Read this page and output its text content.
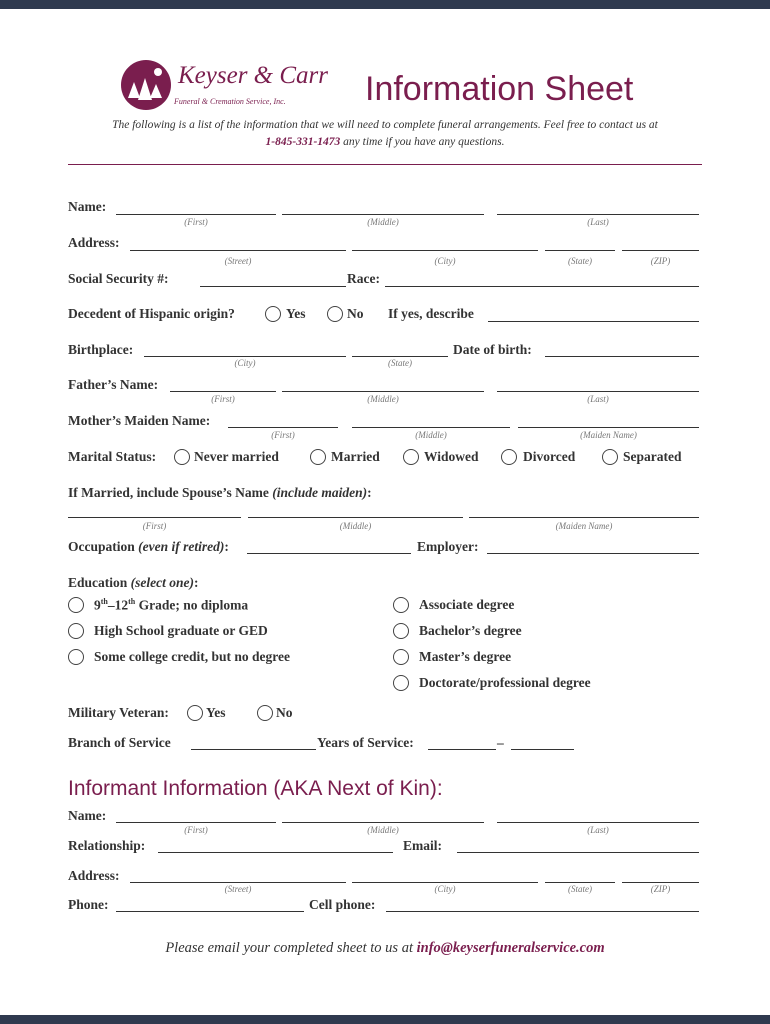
Keyser & Carr
Funeral & Cremation Service, Inc. Information Sheet
The following is a list of the information that we will need to complete funeral arrangements. Feel free to contact us at
1-845-331-1473 any time if you have any questions.
Name:
(First)	(Middle)	(Last)
Address:
(Street)	(City)	(State)	(ZIP)
Social Security #:	Race:
Decedent of Hispanic origin?	Yes	No If yes, describe
Birthplace:
(City)	(State)
Date of birth:
Father’s Name:
(First)	(Middle)	(Last)
Mother’s Maiden Name:
(First)	(Middle)	(Maiden Name)
Marital Status:	Never married	Married	Widowed	Divorced	Separated
If Married, include Spouse’s Name (include maiden):
(First)	(Middle)	(Maiden Name)
Occupation (even if retired):	Employer:
Education (select one):
9th–12th Grade; no diploma
High School graduate or GED
Some college credit, but no degree
Associate degree
Bachelor’s degree
Master’s degree
Doctorate/professional degree
Military Veteran:	Yes	No
Branch of Service	Years of Service:	–
Informant Information (AKA Next of Kin):
Name:
(First)	(Middle)	(Last)
Relationship:	Email:
Address:
(Street)	(City)	(State)	(ZIP)
Phone:	Cell phone:
Please email your completed sheet to us at info@keyserfuneralservice.com
